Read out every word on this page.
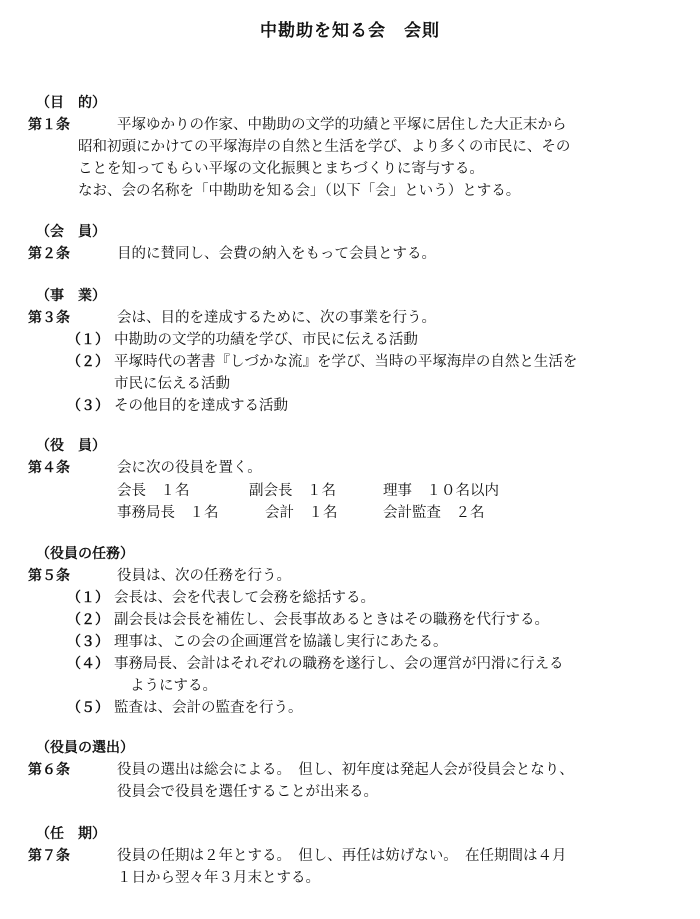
中勘助を知る会 会則
（目　的）
第１条	平塚ゆかりの作家、中勘助の文学的功績と平塚に居住した大正末から
昭和初頭にかけての平塚海岸の自然と生活を学び、より多くの市民に、その
ことを知ってもらい平塚の文化振興とまちづくりに寄与する。
なお、会の名称を「中勘助を知る会」（以下「会」という）とする。
（会　員）
第２条	目的に賛同し、会費の納入をもって会員とする。
（事　業）
第３条	会は、目的を達成するために、次の事業を行う。
（１） 中勘助の文学的功績を学び、市民に伝える活動
（２） 平塚時代の著書『しづかな流』を学び、当時の平塚海岸の自然と生活を
市民に伝える活動
（３） その他目的を達成する活動
（役　員）
第４条	会に次の役員を置く。
会長　１名	副会長　１名	理事　１０名以内
事務局長　１名	会計　１名	会計監査　２名
（役員の任務）
第５条	役員は、次の任務を行う。
（１） 会長は、会を代表して会務を総括する。
（２） 副会長は会長を補佐し、会長事故あるときはその職務を代行する。
（３） 理事は、この会の企画運営を協議し実行にあたる。
（４） 事務局長、会計はそれぞれの職務を遂行し、会の運営が円滑に行える
ようにする。
（５） 監査は、会計の監査を行う。
（役員の選出）
第６条	役員の選出は総会による。　但し、初年度は発起人会が役員会となり、
役員会で役員を選任することが出来る。
（任　期）
第７条	役員の任期は２年とする。　但し、再任は妨げない。　在任期間は４月
１日から翌々年３月末とする。
